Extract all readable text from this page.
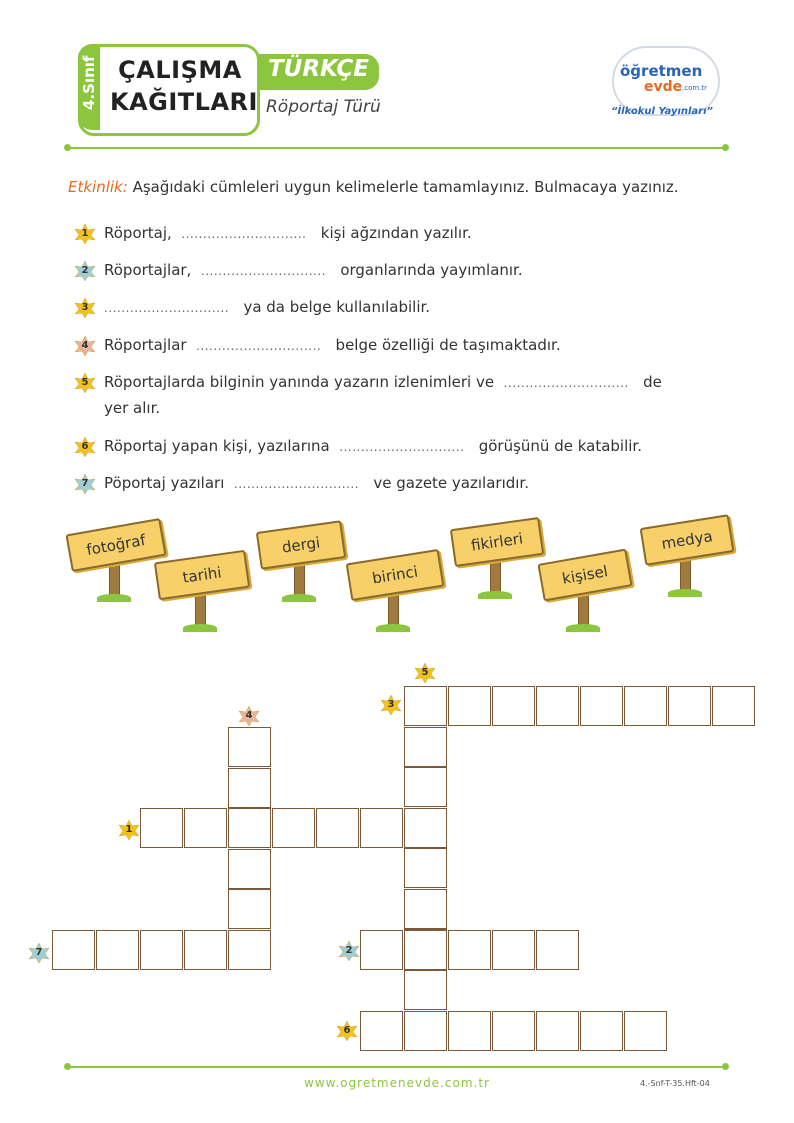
4.Sınıf ÇALIŞMA
KAĞITLARI
TÜRKÇE
Röportaj Türü
öğretmen
evde .com.tr
“İlkokul Yayınları”
Etkinlik: Aşağıdaki cümleleri uygun kelimelerle tamamlayınız. Bulmacaya yazınız.
1	Röportaj, ............................. kişi ağzından yazılır.
2	Röportajlar, ............................. organlarında yayımlanır.
3	............................. ya da belge kullanılabilir.
4	Röportajlar ............................. belge özelliği de taşımaktadır.
5	Röportajlarda bilginin yanında yazarın izlenimleri ve ............................. de
yer alır.
6	Röportaj yapan kişi, yazılarına ............................. görüşünü de katabilir.
7	Pöportaj yazıları ............................. ve gazete yazılarıdır.
fotoğraf
tarihi
dergi
birinci
fikirleri
kişisel
medya
5
3
4
1
7	2
6
www.ogretmenevde.com.tr	4.-Snf-T-35.Hft-04
